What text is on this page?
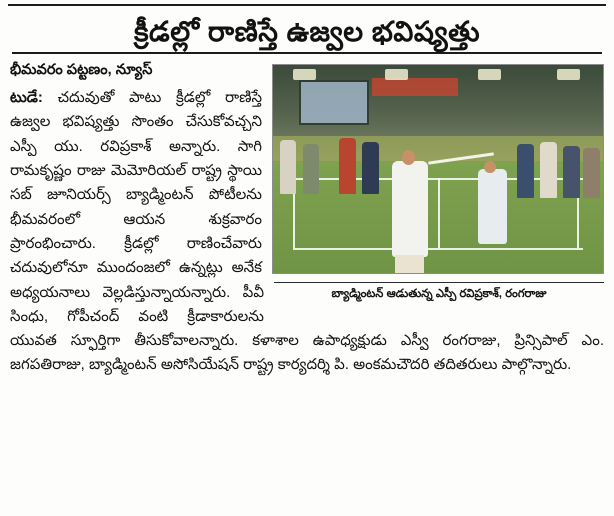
క్రీడల్లో రాణిస్తే ఉజ్వల భవిష్యత్తు
బ్యాడ్మింటన్ ఆడుతున్న ఎస్పీ రవిప్రకాశ్, రంగరాజు
భీమవరం పట్టణం, న్యూస్
టుడే: చదువుతో పాటు క్రీడల్లో రాణిస్తే ఉజ్వల భవిష్యత్తు సొంతం చేసుకోవచ్చని ఎస్పీ యు. రవిప్రకాశ్ అన్నారు. సాగి రామకృష్ణం రాజు మెమోరియల్ రాష్ట్ర స్థాయి సబ్ జూనియర్స్ బ్యాడ్మింటన్ పోటీలను భీమవరంలో ఆయన శుక్రవారం ప్రారంభించారు. క్రీడల్లో రాణించేవారు చదువులోనూ ముందంజలో ఉన్నట్లు అనేక అధ్యయనాలు వెల్లడిస్తున్నాయన్నారు. పీవీ సింధు, గోపీచంద్ వంటి క్రీడాకారులను యువత స్ఫూర్తిగా తీసుకోవాలన్నారు. కళాశాల ఉపాధ్యక్షుడు ఎస్వీ రంగరాజు, ప్రిన్సిపాల్ ఎం. జగపతిరాజు, బ్యాడ్మింటన్ అసోసియేషన్ రాష్ట్ర కార్యదర్శి పి. అంకమచౌదరి తదితరులు పాల్గొన్నారు.
